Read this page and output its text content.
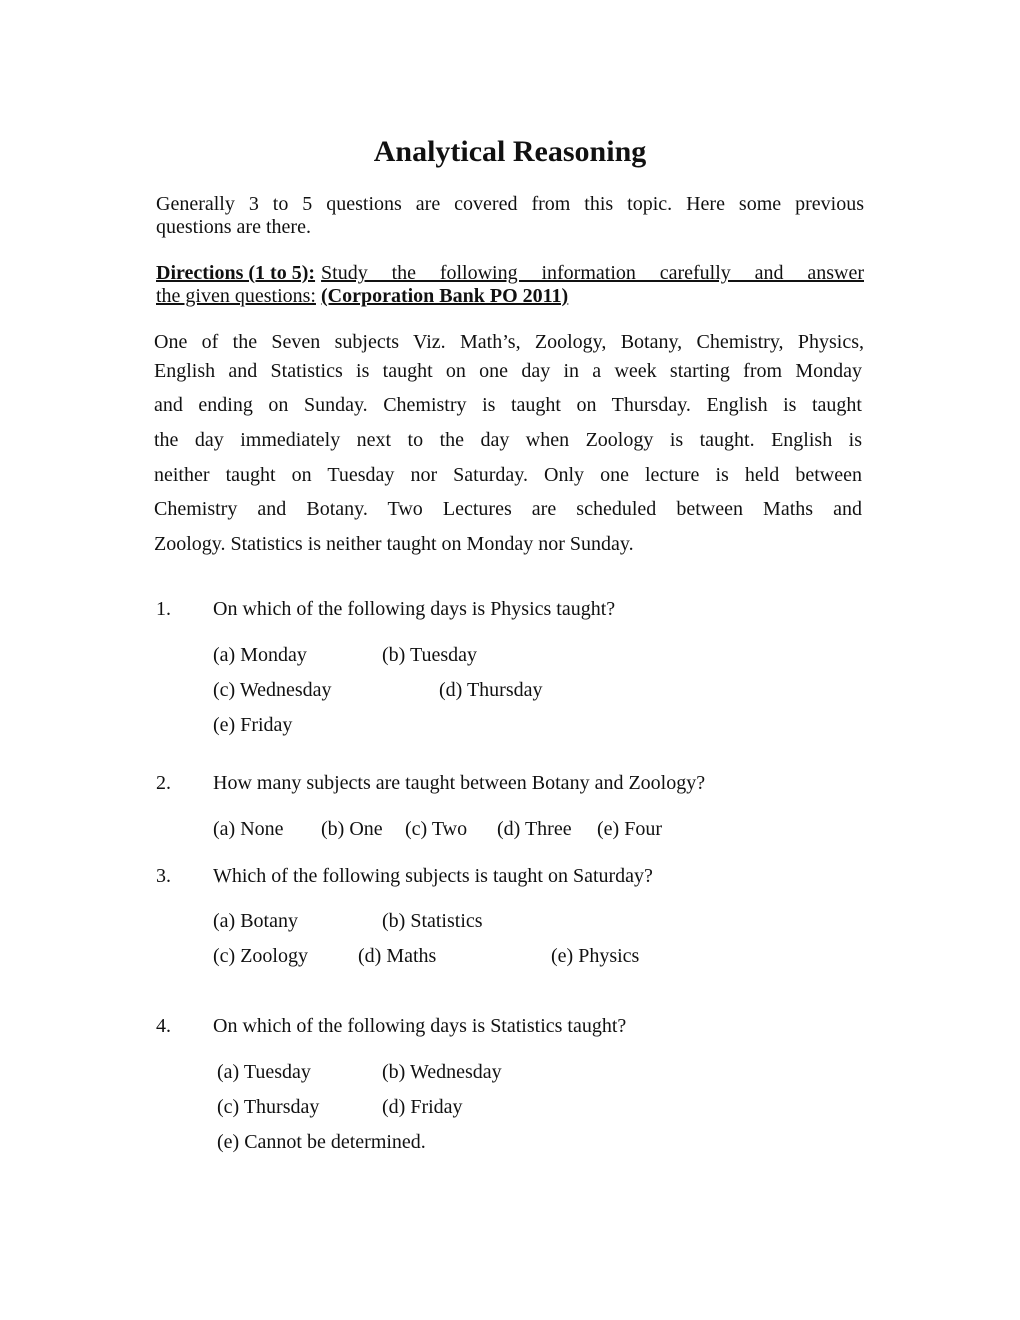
Analytical Reasoning
Generally 3 to 5 questions are covered from this topic. Here some previous
questions are there.
Directions (1 to 5): Study the following information carefully and answer
the given questions: (Corporation Bank PO 2011)
One of the Seven subjects Viz. Math’s, Zoology, Botany, Chemistry, Physics,
English and Statistics is taught on one day in a week starting from Monday
and ending on Sunday. Chemistry is taught on Thursday. English is taught
the day immediately next to the day when Zoology is taught. English is
neither taught on Tuesday nor Saturday. Only one lecture is held between
Chemistry and Botany. Two Lectures are scheduled between Maths and
Zoology. Statistics is neither taught on Monday nor Sunday.
1. On which of the following days is Physics taught?
(a) Monday	(b) Tuesday
(c) Wednesday	(d) Thursday
(e) Friday
2. How many subjects are taught between Botany and Zoology?
(a) None (b) One (c) Two (d) Three (e) Four
3. Which of the following subjects is taught on Saturday?
(a) Botany	(b) Statistics
(c) Zoology	(d) Maths	(e) Physics
4. On which of the following days is Statistics taught?
(a) Tuesday	(b) Wednesday
(c) Thursday	(d) Friday
(e) Cannot be determined.
